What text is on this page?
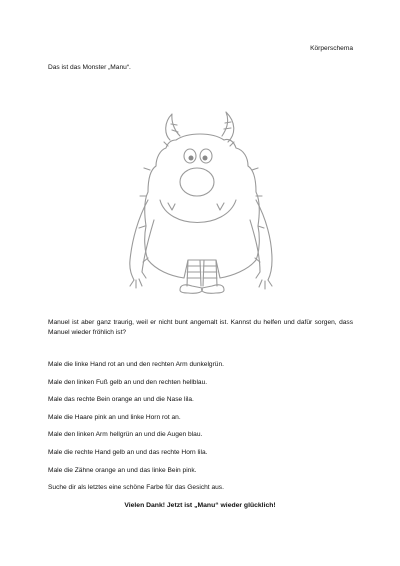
Körperschema
Das ist das Monster „Manu“.
Manuel ist aber ganz traurig, weil er nicht bunt angemalt ist. Kannst du helfen und dafür sorgen, dass Manuel wieder fröhlich ist?
Male die linke Hand rot an und den rechten Arm dunkelgrün.
Male den linken Fuß gelb an und den rechten hellblau.
Male das rechte Bein orange an und die Nase lila.
Male die Haare pink an und linke Horn rot an.
Male den linken Arm hellgrün an und die Augen blau.
Male die rechte Hand gelb an und das rechte Horn lila.
Male die Zähne orange an und das linke Bein pink.
Suche dir als letztes eine schöne Farbe für das Gesicht aus.
Vielen Dank! Jetzt ist „Manu“ wieder glücklich!
